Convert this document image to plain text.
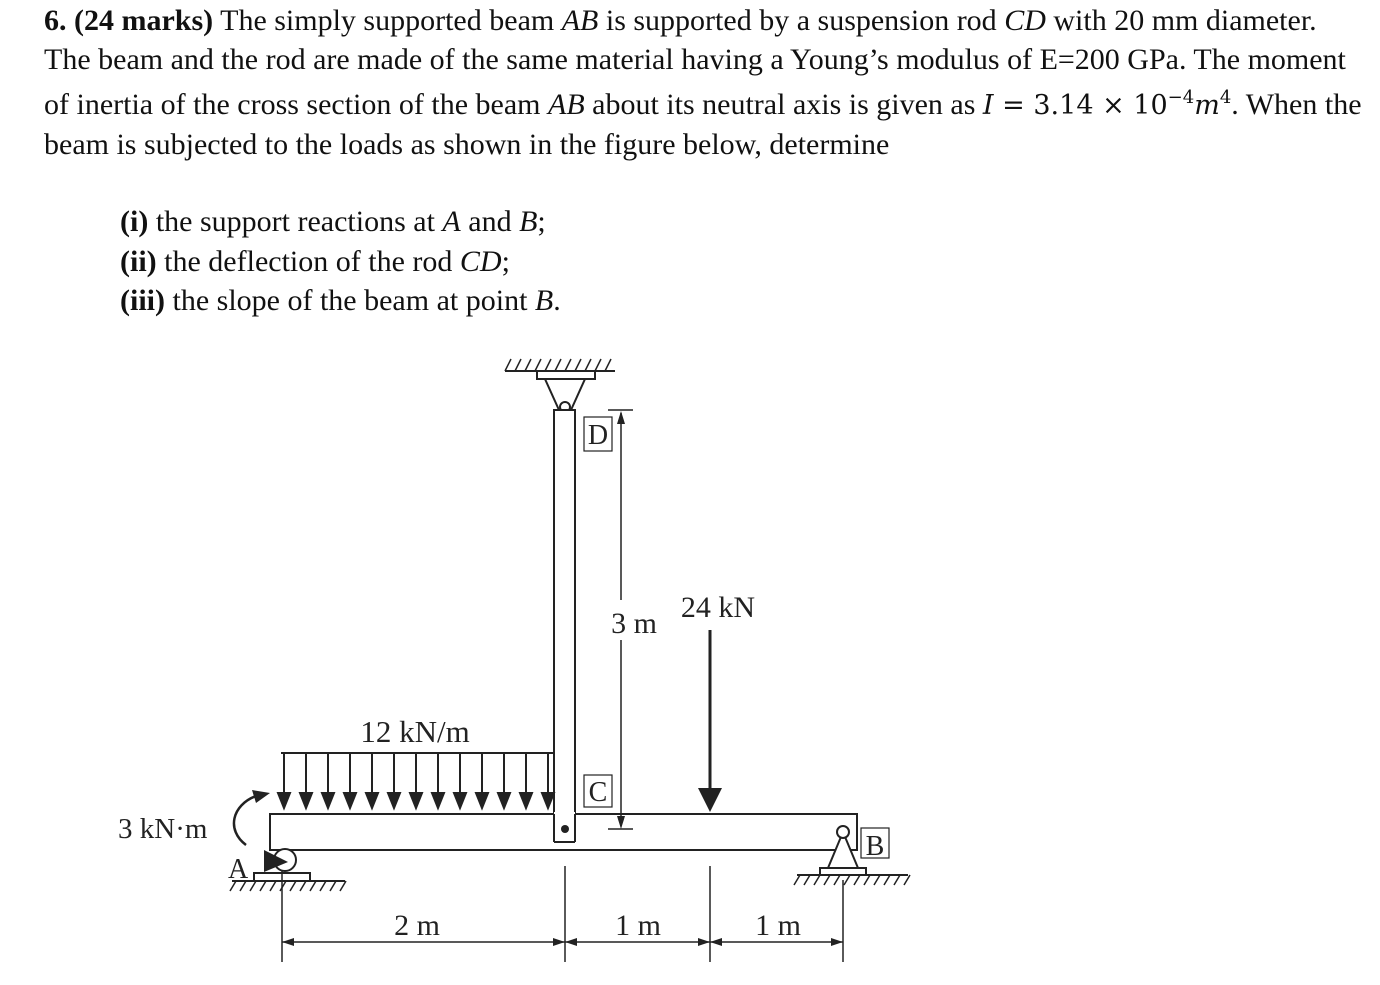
6. (24 marks) The simply supported beam AB is supported by a suspension rod CD with 20 mm diameter. The beam and the rod are made of the same material having a Young’s modulus of E=200 GPa. The moment of inertia of the cross section of the beam AB about its neutral axis is given as $I = 3.14 \times 10^{-4}m^4$. When the beam is subjected to the loads as shown in the figure below, determine

(i) the support reactions at A and B;
(ii) the deflection of the rod CD;
(iii) the slope of the beam at point B.
D
C
A
B
3 m 24 kN
12 kN/m
3 kN·m
2 m	1 m	1 m
